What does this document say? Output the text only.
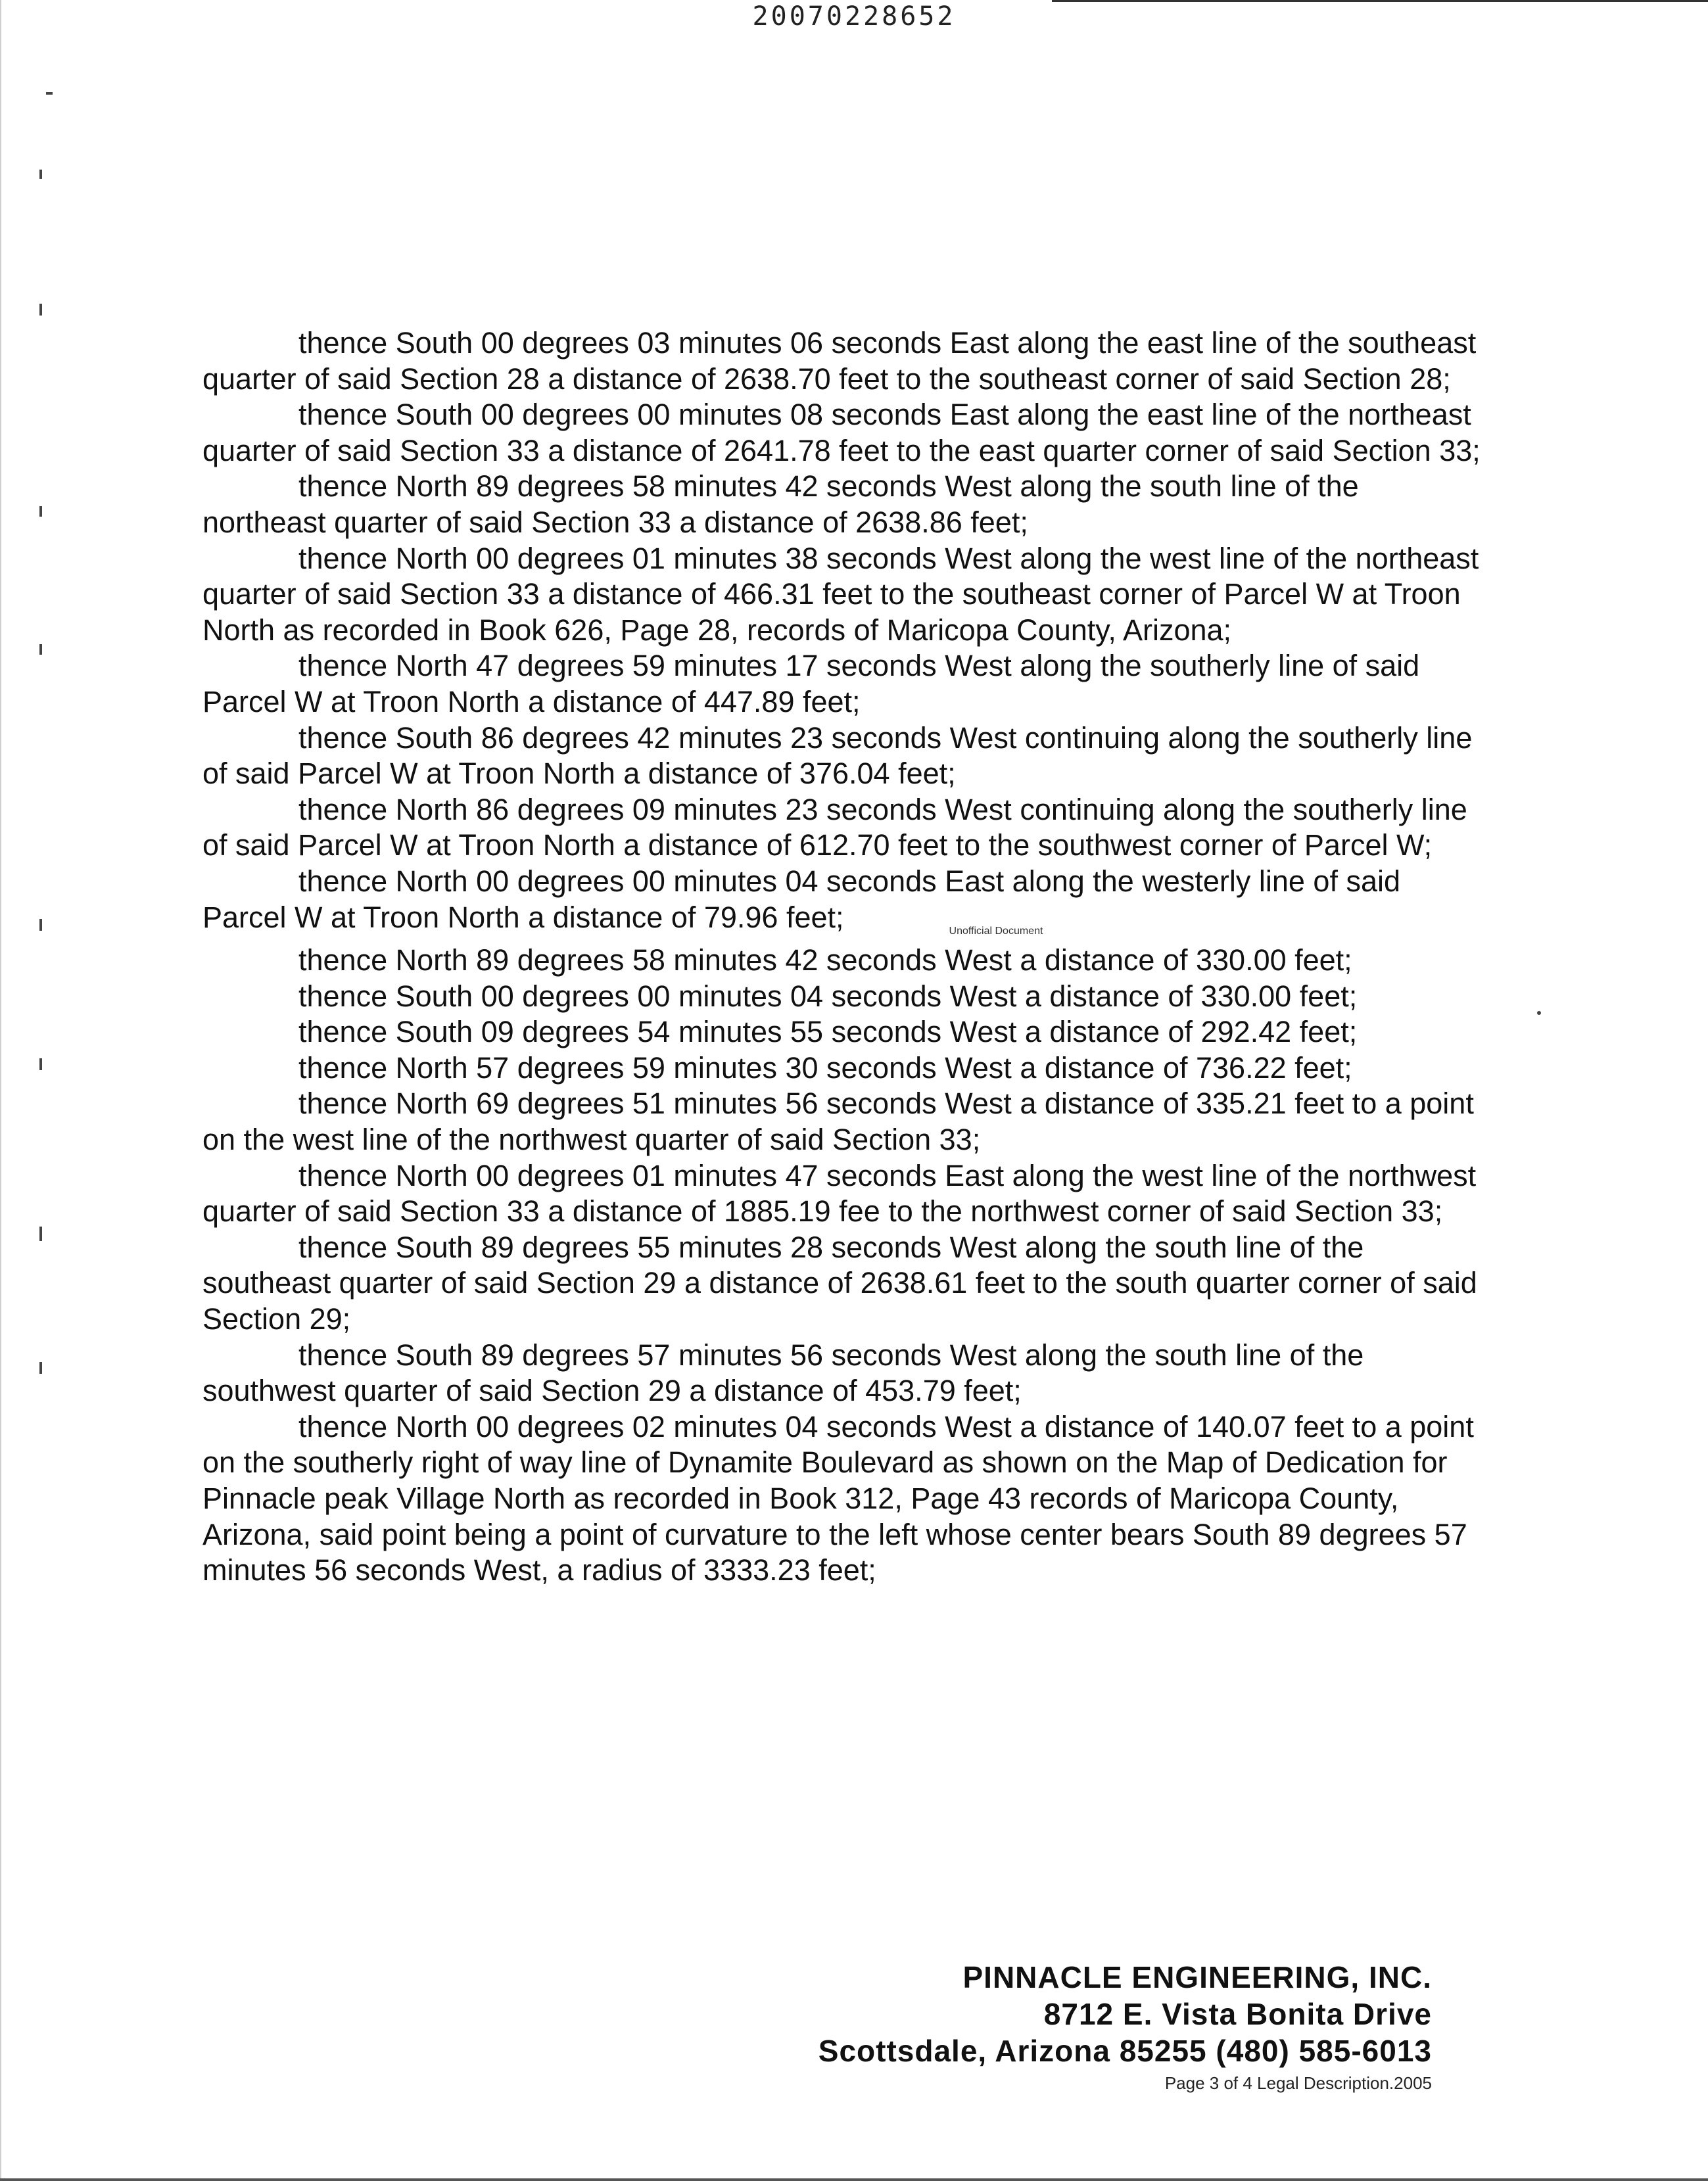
20070228652

thence South 00 degrees 03 minutes 06 seconds East along the east line of the southeast quarter of said Section 28 a distance of 2638.70 feet to the southeast corner of said Section 28;

thence South 00 degrees 00 minutes 08 seconds East along the east line of the northeast quarter of said Section 33 a distance of 2641.78 feet to the east quarter corner of said Section 33;

thence North 89 degrees 58 minutes 42 seconds West along the south line of the northeast quarter of said Section 33 a distance of 2638.86 feet;

thence North 00 degrees 01 minutes 38 seconds West along the west line of the northeast quarter of said Section 33 a distance of 466.31 feet to the southeast corner of Parcel W at Troon North as recorded in Book 626, Page 28, records of Maricopa County, Arizona;

thence North 47 degrees 59 minutes 17 seconds West along the southerly line of said Parcel W at Troon North a distance of 447.89 feet;

thence South 86 degrees 42 minutes 23 seconds West continuing along the southerly line of said Parcel W at Troon North a distance of 376.04 feet;

thence North 86 degrees 09 minutes 23 seconds West continuing along the southerly line of said Parcel W at Troon North a distance of 612.70 feet to the southwest corner of Parcel W;

thence North 00 degrees 00 minutes 04 seconds East along the westerly line of said Parcel W at Troon North a distance of 79.96 feet;	Unofficial Document

thence North 89 degrees 58 minutes 42 seconds West a distance of 330.00 feet;

thence South 00 degrees 00 minutes 04 seconds West a distance of 330.00 feet;

thence South 09 degrees 54 minutes 55 seconds West a distance of 292.42 feet;

thence North 57 degrees 59 minutes 30 seconds West a distance of 736.22 feet;

thence North 69 degrees 51 minutes 56 seconds West a distance of 335.21 feet to a point on the west line of the northwest quarter of said Section 33;

thence North 00 degrees 01 minutes 47 seconds East along the west line of the northwest quarter of said Section 33 a distance of 1885.19 fee to the northwest corner of said Section 33;

thence South 89 degrees 55 minutes 28 seconds West along the south line of the southeast quarter of said Section 29 a distance of 2638.61 feet to the south quarter corner of said Section 29;

thence South 89 degrees 57 minutes 56 seconds West along the south line of the southwest quarter of said Section 29 a distance of 453.79 feet;

thence North 00 degrees 02 minutes 04 seconds West a distance of 140.07 feet to a point on the southerly right of way line of Dynamite Boulevard as shown on the Map of Dedication for Pinnacle peak Village North as recorded in Book 312, Page 43 records of Maricopa County, Arizona, said point being a point of curvature to the left whose center bears South 89 degrees 57 minutes 56 seconds West, a radius of 3333.23 feet;

PINNACLE ENGINEERING, INC.
8712 E. Vista Bonita Drive
Scottsdale, Arizona 85255 (480) 585-6013
Page 3 of 4 Legal Description.2005
